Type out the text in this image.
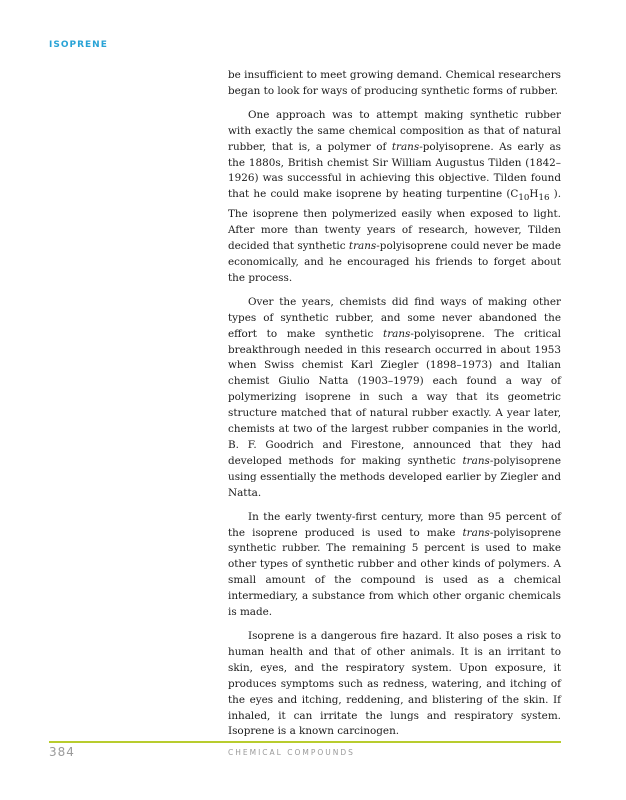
ISOPRENE

be insufficient to meet growing demand. Chemical researchers began to look for ways of producing synthetic forms of rubber.

One approach was to attempt making synthetic rubber with exactly the same chemical composition as that of natural rubber, that is, a polymer of trans-polyisoprene. As early as the 1880s, British chemist Sir William Augustus Tilden (1842–1926) was successful in achieving this objective. Tilden found that he could make isoprene by heating turpentine ($C_{10}H_{16}$ ). The isoprene then polymerized easily when exposed to light. After more than twenty years of research, however, Tilden decided that synthetic trans-polyisoprene could never be made economically, and he encouraged his friends to forget about the process.

Over the years, chemists did find ways of making other types of synthetic rubber, and some never abandoned the effort to make synthetic trans-polyisoprene. The critical breakthrough needed in this research occurred in about 1953 when Swiss chemist Karl Ziegler (1898–1973) and Italian chemist Giulio Natta (1903–1979) each found a way of polymerizing isoprene in such a way that its geometric structure matched that of natural rubber exactly. A year later, chemists at two of the largest rubber companies in the world, B. F. Goodrich and Firestone, announced that they had developed methods for making synthetic trans-polyisoprene using essentially the methods developed earlier by Ziegler and Natta.

In the early twenty-first century, more than 95 percent of the isoprene produced is used to make trans-polyisoprene synthetic rubber. The remaining 5 percent is used to make other types of synthetic rubber and other kinds of polymers. A small amount of the compound is used as a chemical intermediary, a substance from which other organic chemicals is made.

Isoprene is a dangerous fire hazard. It also poses a risk to human health and that of other animals. It is an irritant to skin, eyes, and the respiratory system. Upon exposure, it produces symptoms such as redness, watering, and itching of the eyes and itching, reddening, and blistering of the skin. If inhaled, it can irritate the lungs and respiratory system. Isoprene is a known carcinogen.

384	CHEMICAL COMPOUNDS
